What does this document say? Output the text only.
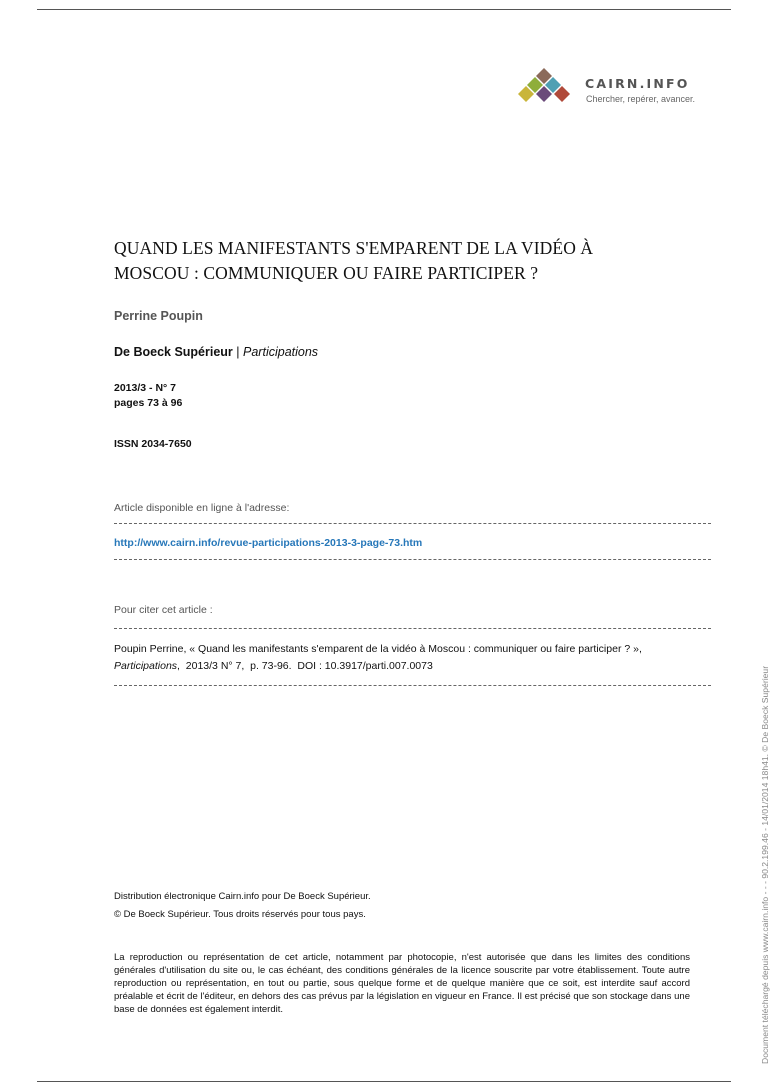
CAIRN.INFO
Chercher, repérer, avancer.
QUAND LES MANIFESTANTS S'EMPARENT DE LA VIDÉO À
MOSCOU : COMMUNIQUER OU FAIRE PARTICIPER ?
Perrine Poupin
De Boeck Supérieur | Participations
2013/3 - N° 7
pages 73 à 96
ISSN 2034-7650
Article disponible en ligne à l'adresse:
http://www.cairn.info/revue-participations-2013-3-page-73.htm
Pour citer cet article :
Poupin Perrine, « Quand les manifestants s'emparent de la vidéo à Moscou : communiquer ou faire participer ? »,
Participations,  2013/3 N° 7,  p. 73-96.  DOI : 10.3917/parti.007.0073
Distribution électronique Cairn.info pour De Boeck Supérieur.
© De Boeck Supérieur. Tous droits réservés pour tous pays.
La reproduction ou représentation de cet article, notamment par photocopie, n'est autorisée que dans les limites des conditions générales d'utilisation du site ou, le cas échéant, des conditions générales de la licence souscrite par votre établissement. Toute autre reproduction ou représentation, en tout ou partie, sous quelque forme et de quelque manière que ce soit, est interdite sauf accord préalable et écrit de l'éditeur, en dehors des cas prévus par la législation en vigueur en France. Il est précisé que son stockage dans une base de données est également interdit.	Document téléchargé depuis www.cairn.info - - - 90.2.199.46 - 14/01/2014 18h41. © De Boeck Supérieur
